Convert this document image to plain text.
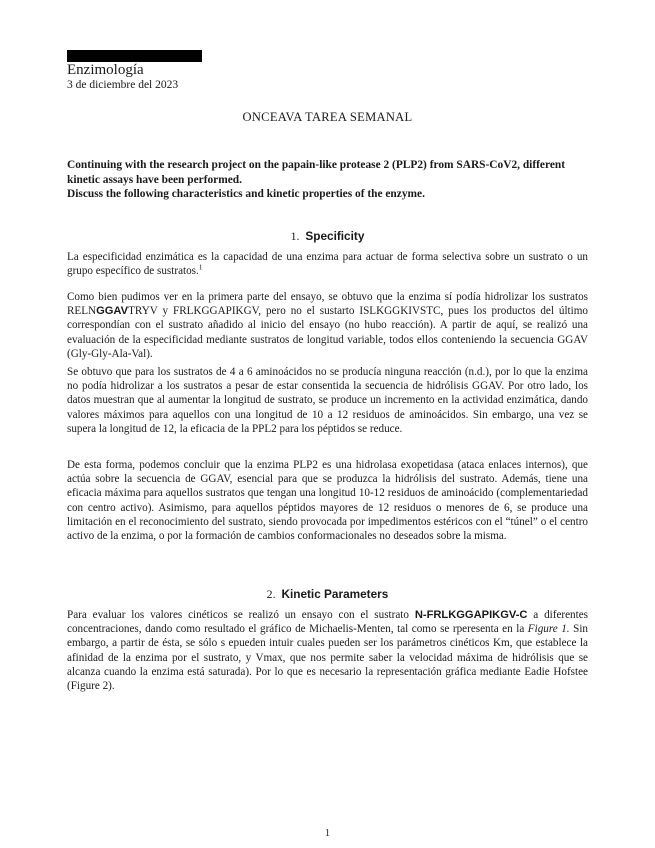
Enzimología
3 de diciembre del 2023
ONCEAVA TAREA SEMANAL
Continuing with the research project on the papain-like protease 2 (PLP2) from SARS-CoV2, different kinetic assays have been performed.
Discuss the following characteristics and kinetic properties of the enzyme.
1. Specificity
La especificidad enzimática es la capacidad de una enzima para actuar de forma selectiva sobre un sustrato o un grupo específico de sustratos.$^1$
Como bien pudimos ver en la primera parte del ensayo, se obtuvo que la enzima sí podía hidrolizar los sustratos RELNGGAVTRYV y FRLKGGAPIKGV, pero no el sustarto ISLKGGKIVSTC, pues los productos del último correspondían con el sustrato añadido al inicio del ensayo (no hubo reacción). A partir de aquí, se realizó una evaluación de la especificidad mediante sustratos de longitud variable, todos ellos conteniendo la secuencia GGAV (Gly-Gly-Ala-Val).
Se obtuvo que para los sustratos de 4 a 6 aminoácidos no se producía ninguna reacción (n.d.), por lo que la enzima no podía hidrolizar a los sustratos a pesar de estar consentida la secuencia de hidrólisis GGAV. Por otro lado, los datos muestran que al aumentar la longitud de sustrato, se produce un incremento en la actividad enzimática, dando valores máximos para aquellos con una longitud de 10 a 12 residuos de aminoácidos. Sin embargo, una vez se supera la longitud de 12, la eficacia de la PPL2 para los péptidos se reduce.
De esta forma, podemos concluir que la enzima PLP2 es una hidrolasa exopetidasa (ataca enlaces internos), que actúa sobre la secuencia de GGAV, esencial para que se produzca la hidrólisis del sustrato. Además, tiene una eficacia máxima para aquellos sustratos que tengan una longitud 10-12 residuos de aminoácido (complementariedad con centro activo). Asimismo, para aquellos péptidos mayores de 12 residuos o menores de 6, se produce una limitación en el reconocimiento del sustrato, siendo provocada por impedimentos estéricos con el “túnel” o el centro activo de la enzima, o por la formación de cambios conformacionales no deseados sobre la misma.
2. Kinetic Parameters
Para evaluar los valores cinéticos se realizó un ensayo con el sustrato N-FRLKGGAPIKGV-C a diferentes concentraciones, dando como resultado el gráfico de Michaelis-Menten, tal como se rperesenta en la Figure 1. Sin embargo, a partir de ésta, se sólo s epueden intuir cuales pueden ser los parámetros cinéticos Km, que establece la afinidad de la enzima por el sustrato, y Vmax, que nos permite saber la velocidad máxima de hidrólisis que se alcanza cuando la enzima está saturada). Por lo que es necesario la representación gráfica mediante Eadie Hofstee (Figure 2).
1
